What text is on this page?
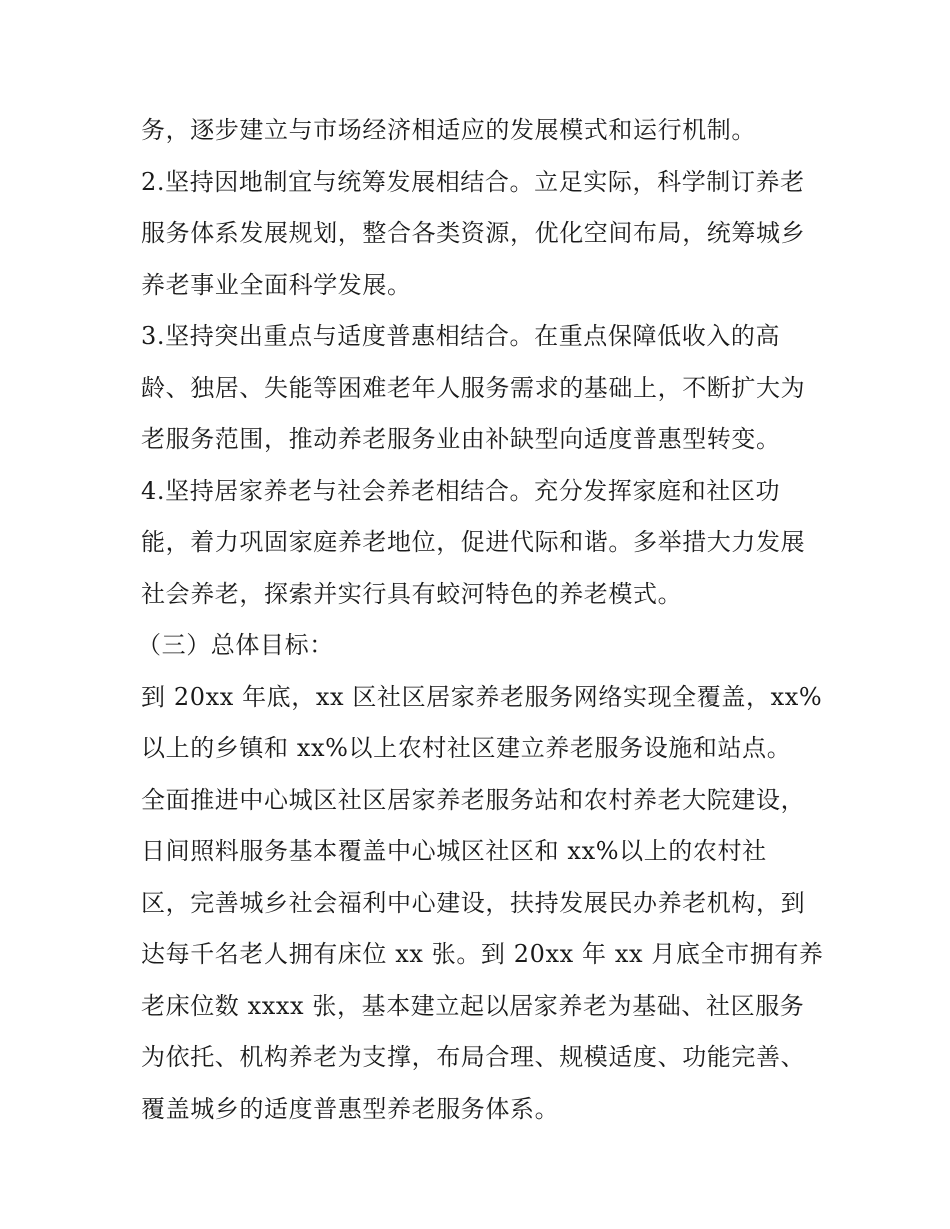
务，逐步建立与市场经济相适应的发展模式和运行机制。
2.坚持因地制宜与统筹发展相结合。立足实际，科学制订养老
服务体系发展规划，整合各类资源，优化空间布局，统筹城乡
养老事业全面科学发展。
3.坚持突出重点与适度普惠相结合。在重点保障低收入的高
龄、独居、失能等困难老年人服务需求的基础上，不断扩大为
老服务范围，推动养老服务业由补缺型向适度普惠型转变。
4.坚持居家养老与社会养老相结合。充分发挥家庭和社区功
能，着力巩固家庭养老地位，促进代际和谐。多举措大力发展
社会养老，探索并实行具有蛟河特色的养老模式。
（三）总体目标：
到 20xx 年底，xx 区社区居家养老服务网络实现全覆盖，xx%
以上的乡镇和 xx%以上农村社区建立养老服务设施和站点。
全面推进中心城区社区居家养老服务站和农村养老大院建设，
日间照料服务基本覆盖中心城区社区和 xx%以上的农村社
区，完善城乡社会福利中心建设，扶持发展民办养老机构，到
达每千名老人拥有床位 xx 张。到 20xx 年 xx 月底全市拥有养
老床位数 xxxx 张，基本建立起以居家养老为基础、社区服务
为依托、机构养老为支撑，布局合理、规模适度、功能完善、
覆盖城乡的适度普惠型养老服务体系。
